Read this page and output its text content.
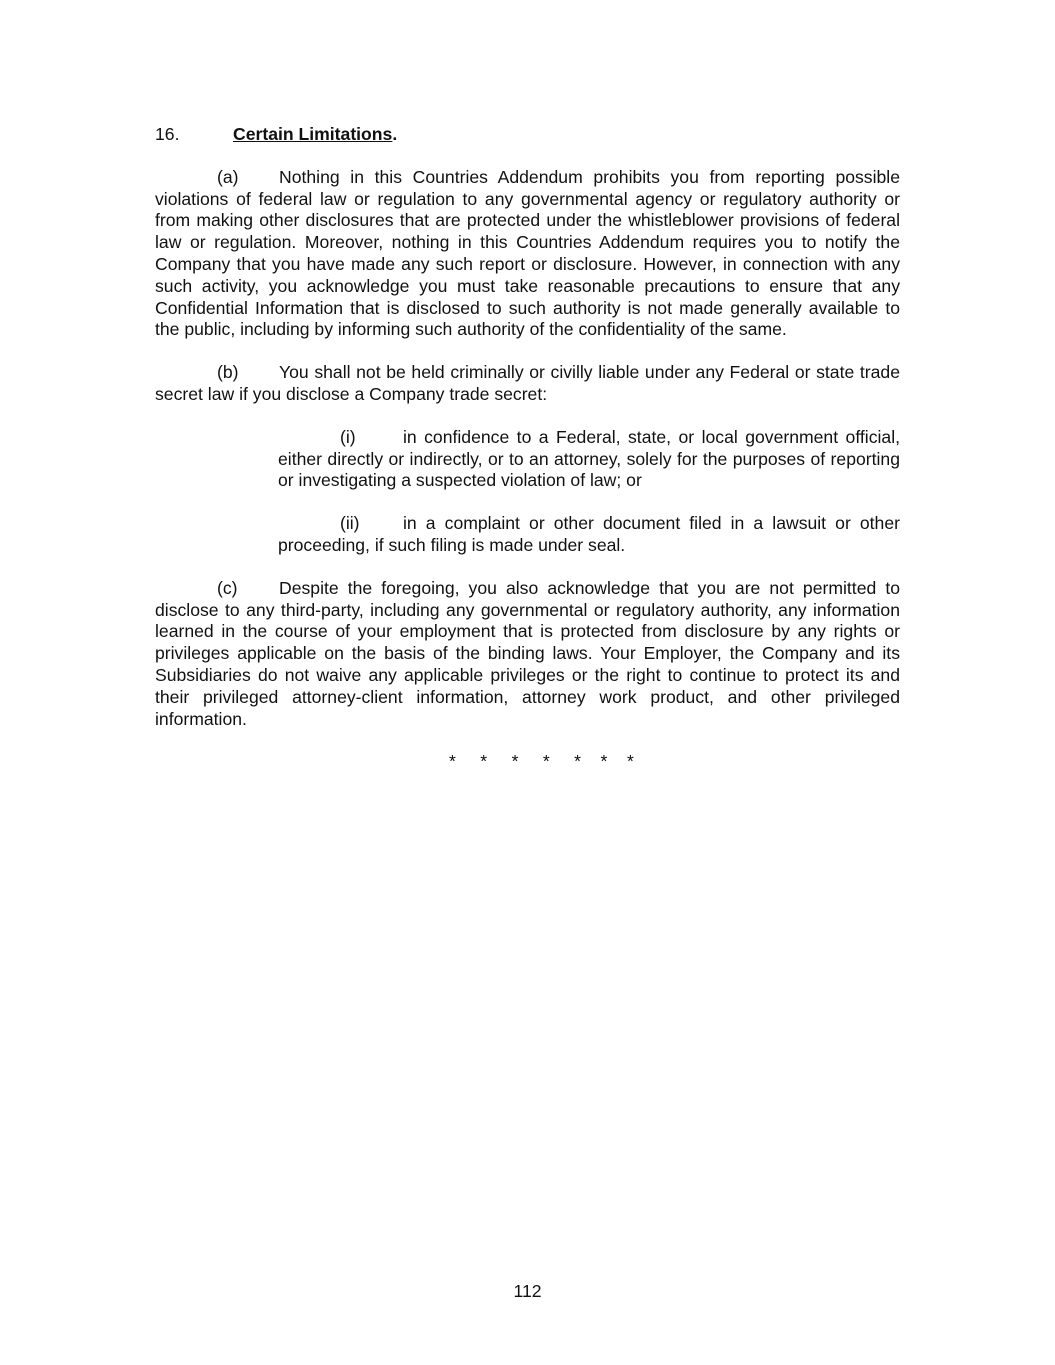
16.	Certain Limitations.

(a) Nothing in this Countries Addendum prohibits you from reporting possible violations of federal law or regulation to any governmental agency or regulatory authority or from making other disclosures that are protected under the whistleblower provisions of federal law or regulation. Moreover, nothing in this Countries Addendum requires you to notify the Company that you have made any such report or disclosure. However, in connection with any such activity, you acknowledge you must take reasonable precautions to ensure that any Confidential Information that is disclosed to such authority is not made generally available to the public, including by informing such authority of the confidentiality of the same.

(b) You shall not be held criminally or civilly liable under any Federal or state trade secret law if you disclose a Company trade secret:

(i)	in confidence to a Federal, state, or local government official, either directly or indirectly, or to an attorney, solely for the purposes of reporting or investigating a suspected violation of law; or

(ii) in a complaint or other document filed in a lawsuit or other proceeding, if such filing is made under seal.

(c) Despite the foregoing, you also acknowledge that you are not permitted to disclose to any third-party, including any governmental or regulatory authority, any information learned in the course of your employment that is protected from disclosure by any rights or privileges applicable on the basis of the binding laws. Your Employer, the Company and its Subsidiaries do not waive any applicable privileges or the right to continue to protect its and their privileged attorney-client information, attorney work product, and other privileged information.

*     *     *     *     *    *    *

112
